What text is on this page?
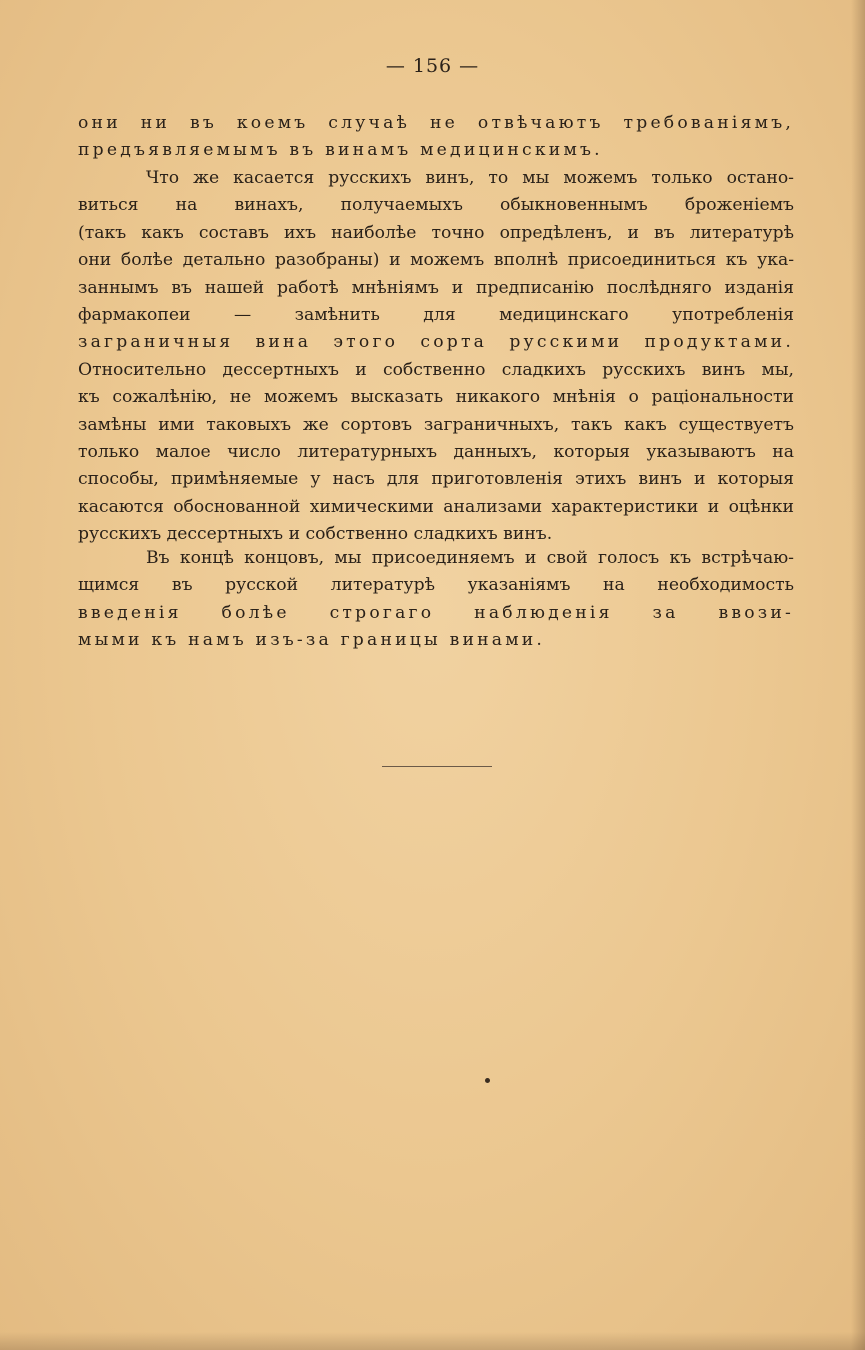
— 156 —
они ни въ коемъ случаѣ не отвѣчаютъ требованіямъ,
предъявляемымъ въ винамъ медицинскимъ.
Что же касается русскихъ винъ, то мы можемъ только остано-
виться на винахъ, получаемыхъ обыкновеннымъ броженіемъ
(такъ какъ составъ ихъ наиболѣе точно опредѣленъ, и въ литературѣ
они болѣе детально разобраны) и можемъ вполнѣ присоединиться къ ука-
заннымъ въ нашей работѣ мнѣніямъ и предписанію послѣдняго изданія
фармакопеи — замѣнить для медицинскаго употребленія
заграничныя вина этого сорта русскими продуктами.
Относительно дессертныхъ и собственно сладкихъ русскихъ винъ мы,
къ сожалѣнію, не можемъ высказать никакого мнѣнія о раціональности
замѣны ими таковыхъ же сортовъ заграничныхъ, такъ какъ существуетъ
только малое число литературныхъ данныхъ, которыя указываютъ на
способы, примѣняемые у насъ для приготовленія этихъ винъ и которыя
касаются обоснованной химическими анализами характеристики и оцѣнки
русскихъ дессертныхъ и собственно сладкихъ винъ.
Въ концѣ концовъ, мы присоединяемъ и свой голосъ къ встрѣчаю-
щимся въ русской литературѣ указаніямъ на необходимость
введенія болѣе строгаго наблюденія за ввози-
мыми къ намъ изъ-за границы винами.
